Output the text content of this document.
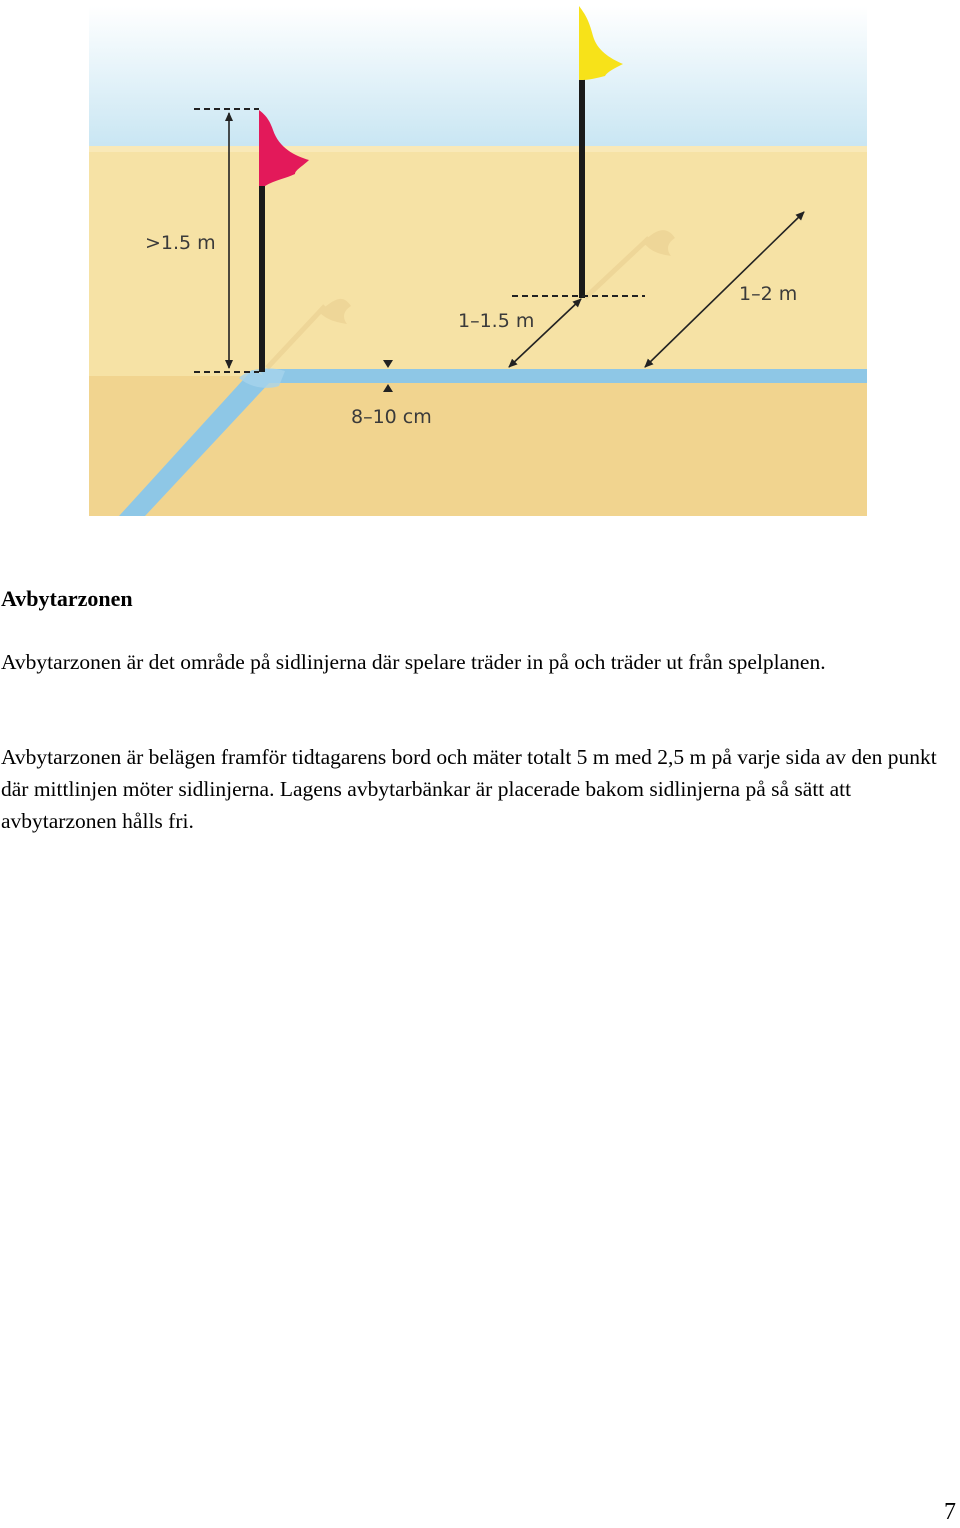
>1.5 m
1–1.5 m
1–2 m
8–10 cm
Avbytarzonen

Avbytarzonen är det område på sidlinjerna där spelare träder in på och träder ut från spelplanen.

Avbytarzonen är belägen framför tidtagarens bord och mäter totalt 5 m med 2,5 m på varje sida av den punkt där mittlinjen möter sidlinjerna. Lagens avbytarbänkar är placerade bakom sidlinjerna på så sätt att avbytarzonen hålls fri.

7
